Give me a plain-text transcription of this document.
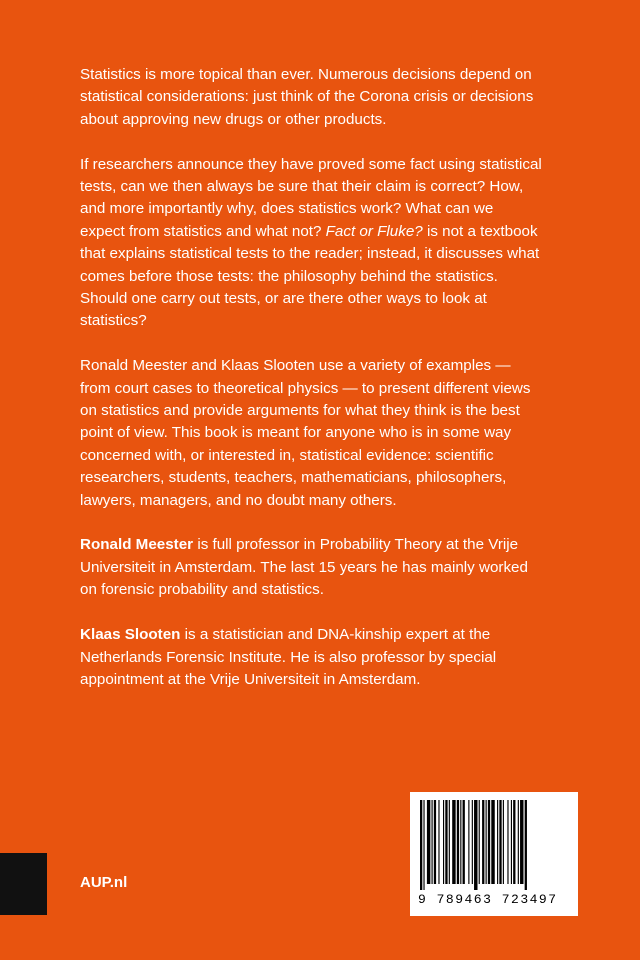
Statistics is more topical than ever. Numerous decisions depend on statistical considerations: just think of the Corona crisis or decisions about approving new drugs or other products.

If researchers announce they have proved some fact using statistical tests, can we then always be sure that their claim is correct? How, and more importantly why, does statistics work? What can we expect from statistics and what not? Fact or Fluke? is not a textbook that explains statistical tests to the reader; instead, it discusses what comes before those tests: the philosophy behind the statistics. Should one carry out tests, or are there other ways to look at statistics?

Ronald Meester and Klaas Slooten use a variety of examples — from court cases to theoretical physics — to present different views on statistics and provide arguments for what they think is the best point of view. This book is meant for anyone who is in some way concerned with, or interested in, statistical evidence: scientific researchers, students, teachers, mathematicians, philosophers, lawyers, managers, and no doubt many others.

Ronald Meester is full professor in Probability Theory at the Vrije Universiteit in Amsterdam. The last 15 years he has mainly worked on forensic probability and statistics.

Klaas Slooten is a statistician and DNA-kinship expert at the Netherlands Forensic Institute. He is also professor by special appointment at the Vrije Universiteit in Amsterdam.

AUP.nl
9 789463 723497
